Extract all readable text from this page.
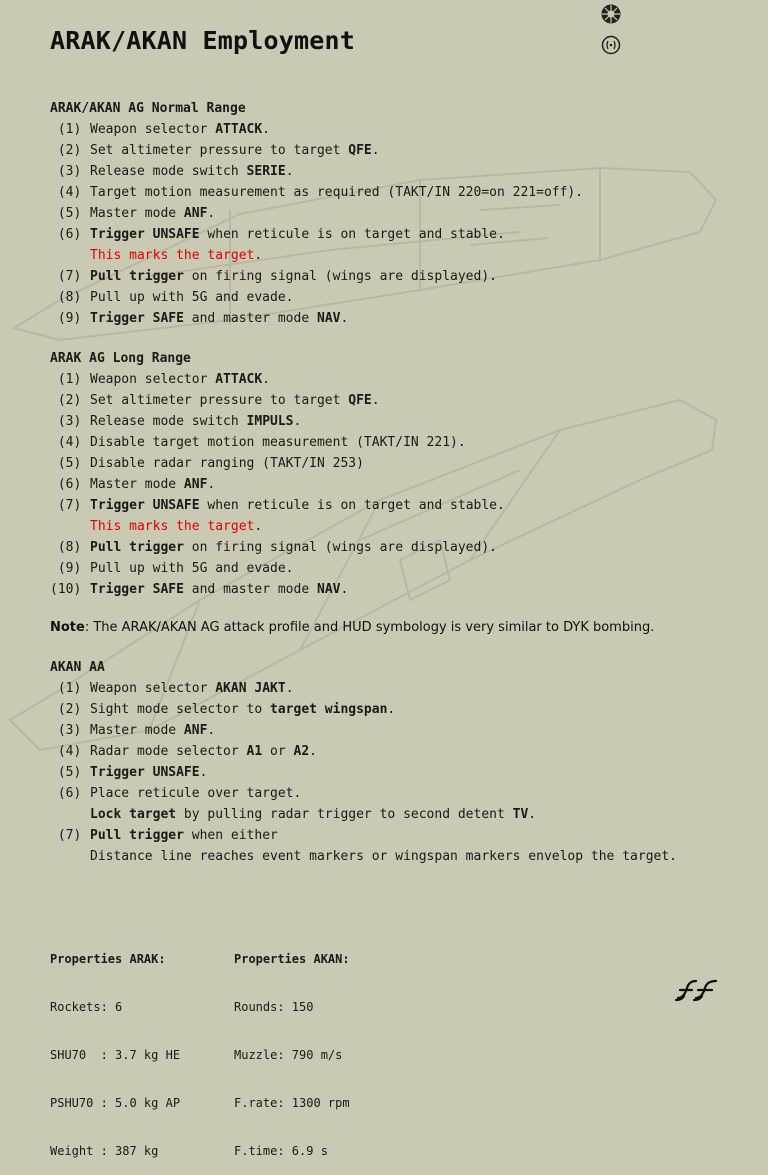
ARAK/AKAN Employment
ARAK/AKAN AG Normal Range
(1) Weapon selector ATTACK.
(2) Set altimeter pressure to target QFE.
(3) Release mode switch SERIE.
(4) Target motion measurement as required (TAKT/IN 220=on 221=off).
(5) Master mode ANF.
(6) Trigger UNSAFE when reticule is on target and stable.
This marks the target.
(7) Pull trigger on firing signal (wings are displayed).
(8) Pull up with 5G and evade.
(9) Trigger SAFE and master mode NAV.
ARAK AG Long Range
(1) Weapon selector ATTACK.
(2) Set altimeter pressure to target QFE.
(3) Release mode switch IMPULS.
(4) Disable target motion measurement (TAKT/IN 221).
(5) Disable radar ranging (TAKT/IN 253)
(6) Master mode ANF.
(7) Trigger UNSAFE when reticule is on target and stable.
This marks the target.
(8) Pull trigger on firing signal (wings are displayed).
(9) Pull up with 5G and evade.
(10) Trigger SAFE and master mode NAV.
Note: The ARAK/AKAN AG attack profile and HUD symbology is very similar to DYK bombing.
AKAN AA
(1) Weapon selector AKAN JAKT.
(2) Sight mode selector to target wingspan.
(3) Master mode ANF.
(4) Radar mode selector A1 or A2.
(5) Trigger UNSAFE.
(6) Place reticule over target.
Lock target by pulling radar trigger to second detent TV.
(7) Pull trigger when either
Distance line reaches event markers or wingspan markers envelop the target.

Properties ARAK:

Rockets: 6

SHU70  : 3.7 kg HE

PSHU70 : 5.0 kg AP

Weight : 387 kg

Properties AKAN:

Rounds: 150

Muzzle: 790 m/s

F.rate: 1300 rpm

F.time: 6.9 s
